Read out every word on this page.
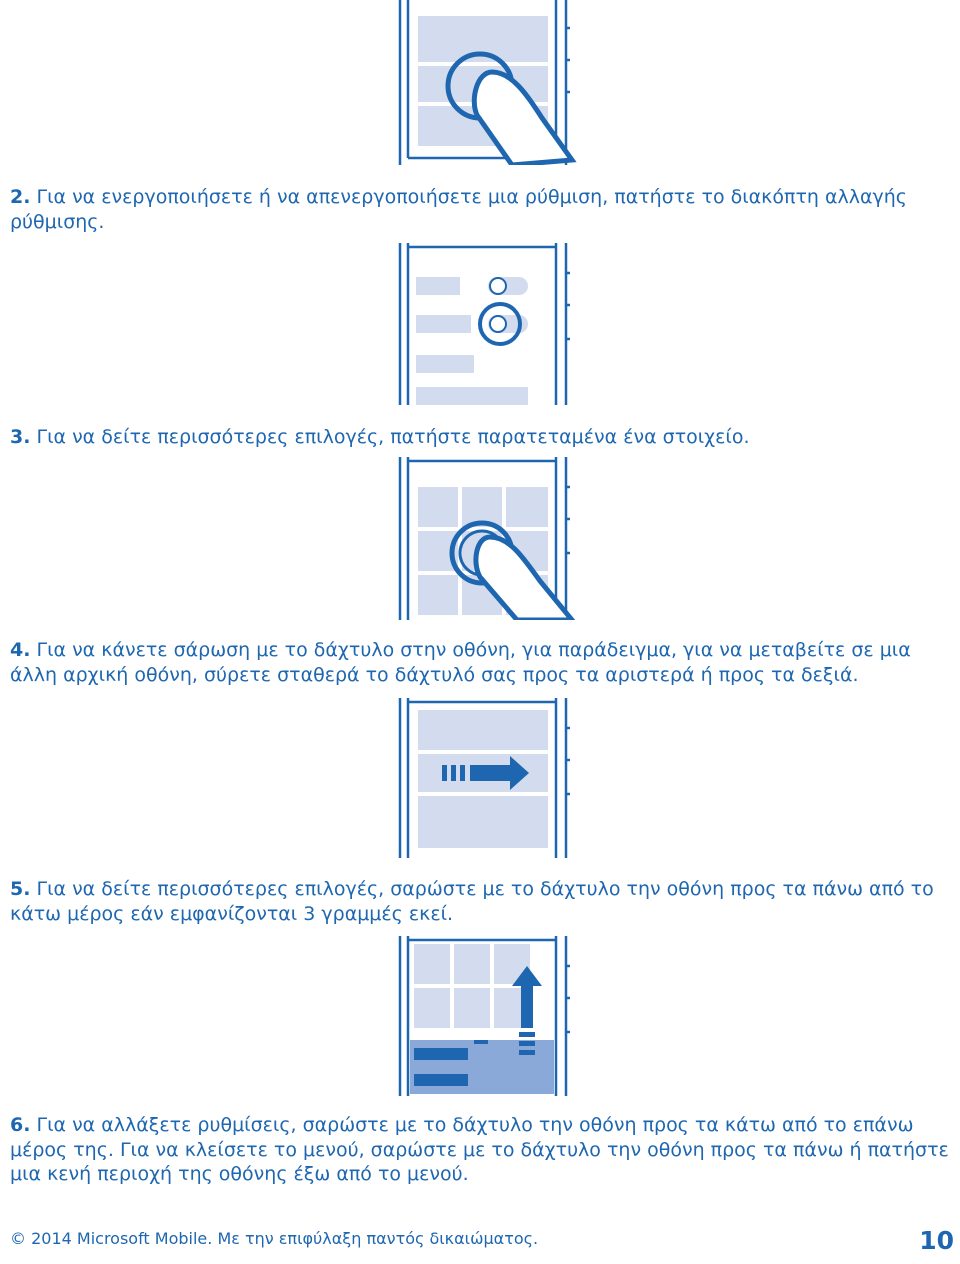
2. Για να ενεργοποιήσετε ή να απενεργοποιήσετε μια ρύθμιση, πατήστε το διακόπτη αλλαγής ρύθμισης.

3. Για να δείτε περισσότερες επιλογές, πατήστε παρατεταμένα ένα στοιχείο.

4. Για να κάνετε σάρωση με το δάχτυλο στην οθόνη, για παράδειγμα, για να μεταβείτε σε μια άλλη αρχική οθόνη, σύρετε σταθερά το δάχτυλό σας προς τα αριστερά ή προς τα δεξιά.

5. Για να δείτε περισσότερες επιλογές, σαρώστε με το δάχτυλο την οθόνη προς τα πάνω από το κάτω μέρος εάν εμφανίζονται 3 γραμμές εκεί.

6. Για να αλλάξετε ρυθμίσεις, σαρώστε με το δάχτυλο την οθόνη προς τα κάτω από το επάνω μέρος της. Για να κλείσετε το μενού, σαρώστε με το δάχτυλο την οθόνη προς τα πάνω ή πατήστε μια κενή περιοχή της οθόνης έξω από το μενού.

© 2014 Microsoft Mobile. Με την επιφύλαξη παντός δικαιώματος.	10
